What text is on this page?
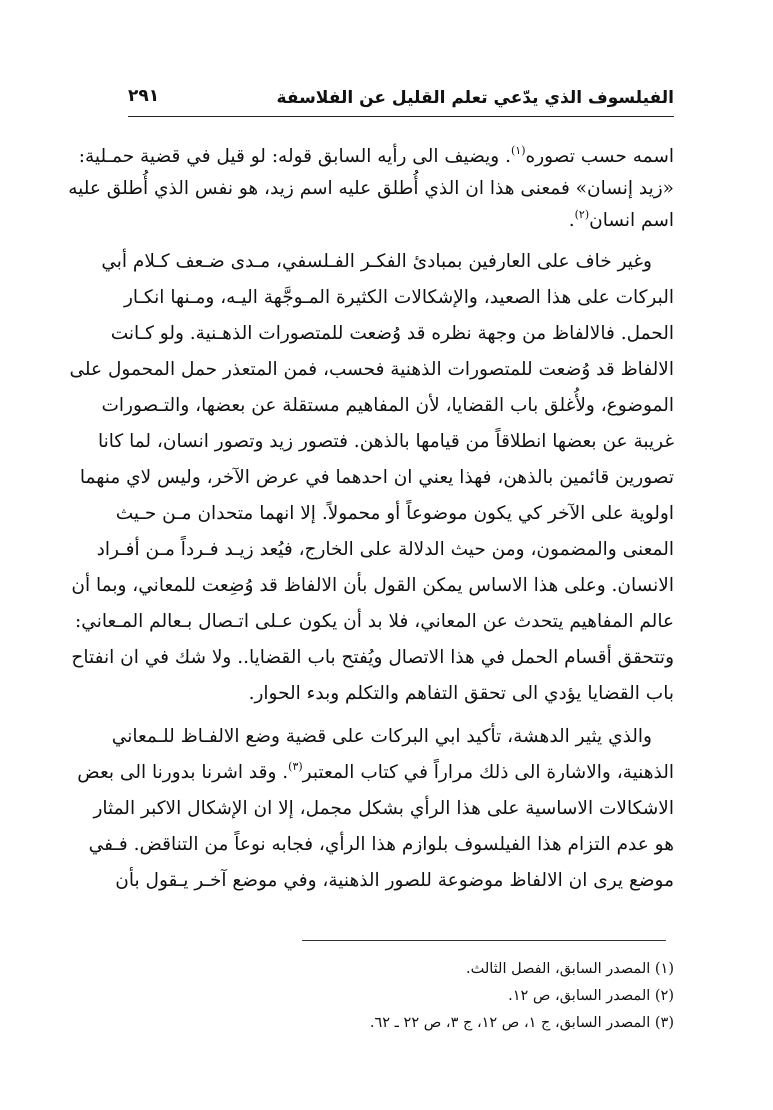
الفيلسوف الذي يدّعي تعلم القليل عن الفلاسفة
٢٩١
اسمه حسب تصوره$^{(١)}$. ويضيف الى رأيه السابق قوله: لو قيل في قضية حمـلية:
«زيد إنسان» فمعنى هذا ان الذي أُطلق عليه اسم زيد، هو نفس الذي أُطلق عليه
اسم انسان$^{(٢)}$.
وغير خاف على العارفين بمبادئ الفكـر الفـلسفي، مـدى ضـعف كـلام أبي
البركات على هذا الصعيد، والإشكالات الكثيرة المـوجَّهة اليـه، ومـنها انكـار
الحمل. فالالفاظ من وجهة نظره قد وُضعت للمتصورات الذهـنية. ولو كـانت
الالفاظ قد وُضعت للمتصورات الذهنية فحسب، فمن المتعذر حمل المحمول على
الموضوع، ولأُغلق باب القضايا، لأن المفاهيم مستقلة عن بعضها، والتـصورات
غريبة عن بعضها انطلاقاً من قيامها بالذهن. فتصور زيد وتصور انسان، لما كانا
تصورين قائمين بالذهن، فهذا يعني ان احدهما في عرض الآخر، وليس لاي منهما
اولوية على الآخر كي يكون موضوعاً أو محمولاً. إلا انهما متحدان مـن حـيث
المعنى والمضمون، ومن حيث الدلالة على الخارج، فيُعد زيـد فـرداً مـن أفـراد
الانسان. وعلى هذا الاساس يمكن القول بأن الالفاظ قد وُضِعت للمعاني، وبما أن
عالم المفاهيم يتحدث عن المعاني، فلا بد أن يكون عـلى اتـصال بـعالم المـعاني:
وتتحقق أقسام الحمل في هذا الاتصال ويُفتح باب القضايا.. ولا شك في ان انفتاح
باب القضايا يؤدي الى تحقق التفاهم والتكلم وبدء الحوار.
والذي يثير الدهشة، تأكيد ابي البركات على قضية وضع الالفـاظ للـمعاني
الذهنية، والاشارة الى ذلك مراراً في كتاب المعتبر$^{(٣)}$. وقد اشرنا بدورنا الى بعض
الاشكالات الاساسية على هذا الرأي بشكل مجمل، إلا ان الإشكال الاكبر المثار
هو عدم التزام هذا الفيلسوف بلوازم هذا الرأي، فجابه نوعاً من التناقض. فـفي
موضع يرى ان الالفاظ موضوعة للصور الذهنية، وفي موضع آخـر يـقول بأن
(١) المصدر السابق، الفصل الثالث.
(٢) المصدر السابق، ص ١٢.
(٣) المصدر السابق، ج ١، ص ١٢، ج ٣، ص ٢٢ ـ ٦٢.
